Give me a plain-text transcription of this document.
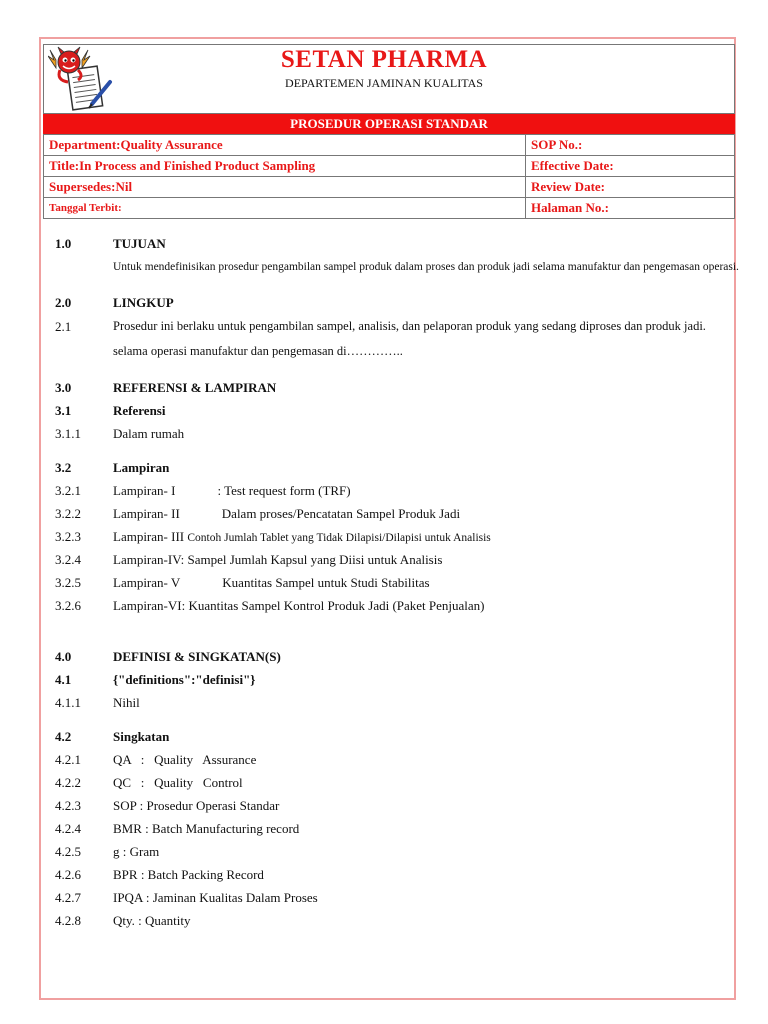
SETAN PHARMA
DEPARTEMEN JAMINAN KUALITAS
PROSEDUR OPERASI STANDAR
Department:Quality Assurance	SOP No.:
Title:In Process and Finished Product Sampling	Effective Date:
Supersedes:Nil	Review Date:
Tanggal Terbit:	Halaman No.:
1.0	TUJUAN
Untuk mendefinisikan prosedur pengambilan sampel produk dalam proses dan produk jadi selama manufaktur dan pengemasan operasi.
2.0	LINGKUP
2.1	Prosedur ini berlaku untuk pengambilan sampel, analisis, dan pelaporan produk yang sedang diproses dan produk jadi.
selama operasi manufaktur dan pengemasan di…………..
3.0	REFERENSI & LAMPIRAN
3.1	Referensi
3.1.1 Dalam rumah
3.2	Lampiran
3.2.1 Lampiran- I	: Test request form (TRF)
3.2.2 Lampiran- II	Dalam proses/Pencatatan Sampel Produk Jadi
3.2.3 Lampiran- III Contoh Jumlah Tablet yang Tidak Dilapisi/Dilapisi untuk Analisis
3.2.4 Lampiran-IV: Sampel Jumlah Kapsul yang Diisi untuk Analisis
3.2.5 Lampiran- V	Kuantitas Sampel untuk Studi Stabilitas
3.2.6 Lampiran-VI: Kuantitas Sampel Kontrol Produk Jadi (Paket Penjualan)
4.0	DEFINISI & SINGKATAN(S)
4.1	{"definitions":"definisi"}
4.1.1 Nihil
4.2	Singkatan
4.2.1 QA   :   Quality   Assurance
4.2.2 QC   :   Quality   Control
4.2.3 SOP : Prosedur Operasi Standar
4.2.4 BMR : Batch Manufacturing record
4.2.5 g : Gram
4.2.6 BPR : Batch Packing Record
4.2.7 IPQA : Jaminan Kualitas Dalam Proses
4.2.8 Qty. : Quantity
